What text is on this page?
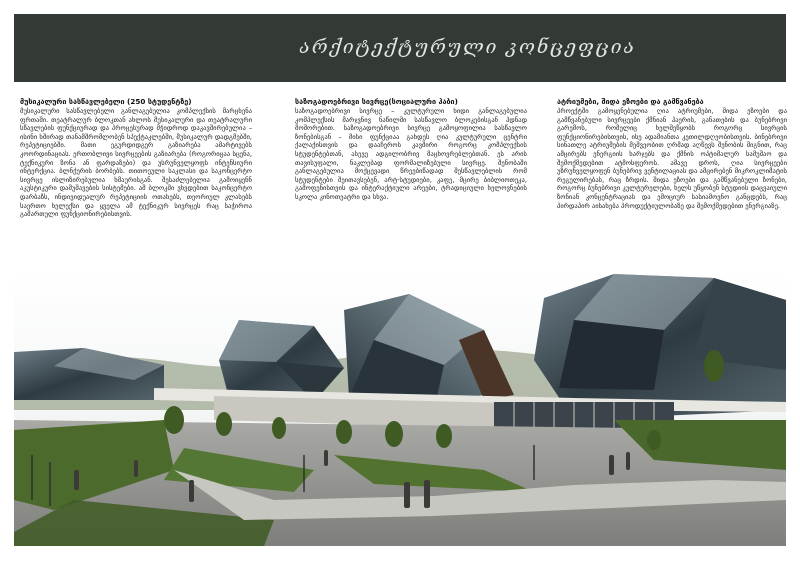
არქიტექტურული კონცეფცია
მუსიკალური სასწავლებელი (250 სტუდენტზე)

მუსიკალური სასწავლებელი განლაგებულია კომპლექსის მარცხენა ფრთაში. თეატრალურ ბლოკთან ახლოს მუსიკალური და თეატრალური სწავლების ფუნქციურად და პროცესურად მჭიდროდ დაკავშირებულია – ისინი ხშირად თანამშრომლობენ სპექტაკლებში, მუსიკალურ დადგმებში, რეპეტიციებში. მათი ეგურდიდგერ გაზიარება ამარტივებს კოორდინაციას. ერთობლივი სივრცეების გაზიარება (როგორიცაა სცენა, ტექნიკური ზონა ან ფარდაზები) და უსრუნველყოფს ინტენსიური ინტერქცია. ბლნქერის ბორბებს. თითოეული საკლასი და საკონცერტო სივრცე ისლიზირებულია ხმაურისგან. შესაძლებელია გამოიყენნ აკუსტიკური დამუშავების სისტემები. ამ ბლოკში ვხვდებით საკონცერტო დარბაზს, ინდივიდუალურ რეპეტიციის ოთახებს, თეორიულ კლასებს საერთო ხელექსი და ყველა ამ ტექნიკურ სივრცეს რაც საჭიროა გამართული ფუნქციონირებისთვის.

საზოგადოებრივი სივრცე(სოციალური ჰაბი)

საზოგადოებრივი სივრცე – კულტურული ხიდი განლაგებულია კომპლექსის მარჯვნივ ნაწილში სასწავლო ბლოკებისგან ჰდნად მოშორებით. საზოგადოებრივი სივრცე გამოყოფილია სასწავლო ზონებისგან – მისი ფუნქციაა გახდეს ღია კულტურული ცენტრი ქალაქისთვის და დააჩეროს კავშირი როგორც კომპლექსის სტუდენტებთან, ასევე ადგილობრივ მაცხოვრებლებთან. ეს არის თავისუფალი, ნაკლებად ფორმალიზებული სივრცე. შენობაში განლაგებულია მოქცევადი წრეებიწადად შესწავლებლის რომ სტუდენტები შეითავსებენ, არტ-სტუდიები, კაფე, მცირე ბიბლიოთეკა, გამოფენისთვის და ინტერაქტიული არეები, ტრადიციული ხელოვნების სკოლა კინოთეატრი და სხვა.

ატრიუმები, შიდა ეზოები და გამწვანება

პროექტში გამოყენებულია ღია ატრიუმები, შიდა ეზოები და გამწვანებული სივრცეები ქმნიან ჰაერის, განათების და ბუნებრივი გარემოს, რომელიც ხელშეწყობს როგორც სივრცის ფუნქციონირებისთვის, ისე ადამიანთა კეთილდღეობისთვის. ბინებრივი სინათლე ატრიუმების მეშვეობით ღრმად აღწევს შენობის შიგნით, რაც ამცირებს ენერგიის ხარჯებს და ქმნის ოპტიმალურ სამუშაო და შემოქმედებით ატმოსფეროს. ამავე დროს, ღია სივრცეები უზრუნველყოფენ ბუნებრივ ვენტილაციას და ამცირებენ მიკროკლიმატის რეგულირებას, რაც ზრდის. შიდა ეზოები და გამწვანებული ზონები, როგორც ბუნებრივი კულტურელები, ხელს უწყობენ სტუდიის დაცვაიული ზონიან კონცენტრაციას და ემოციურ სასიამოვნო განცდებს, რაც პირდაპირ აისახება პროდუქტიულობაზე და შემოქმედებით ენერგიაზე.
